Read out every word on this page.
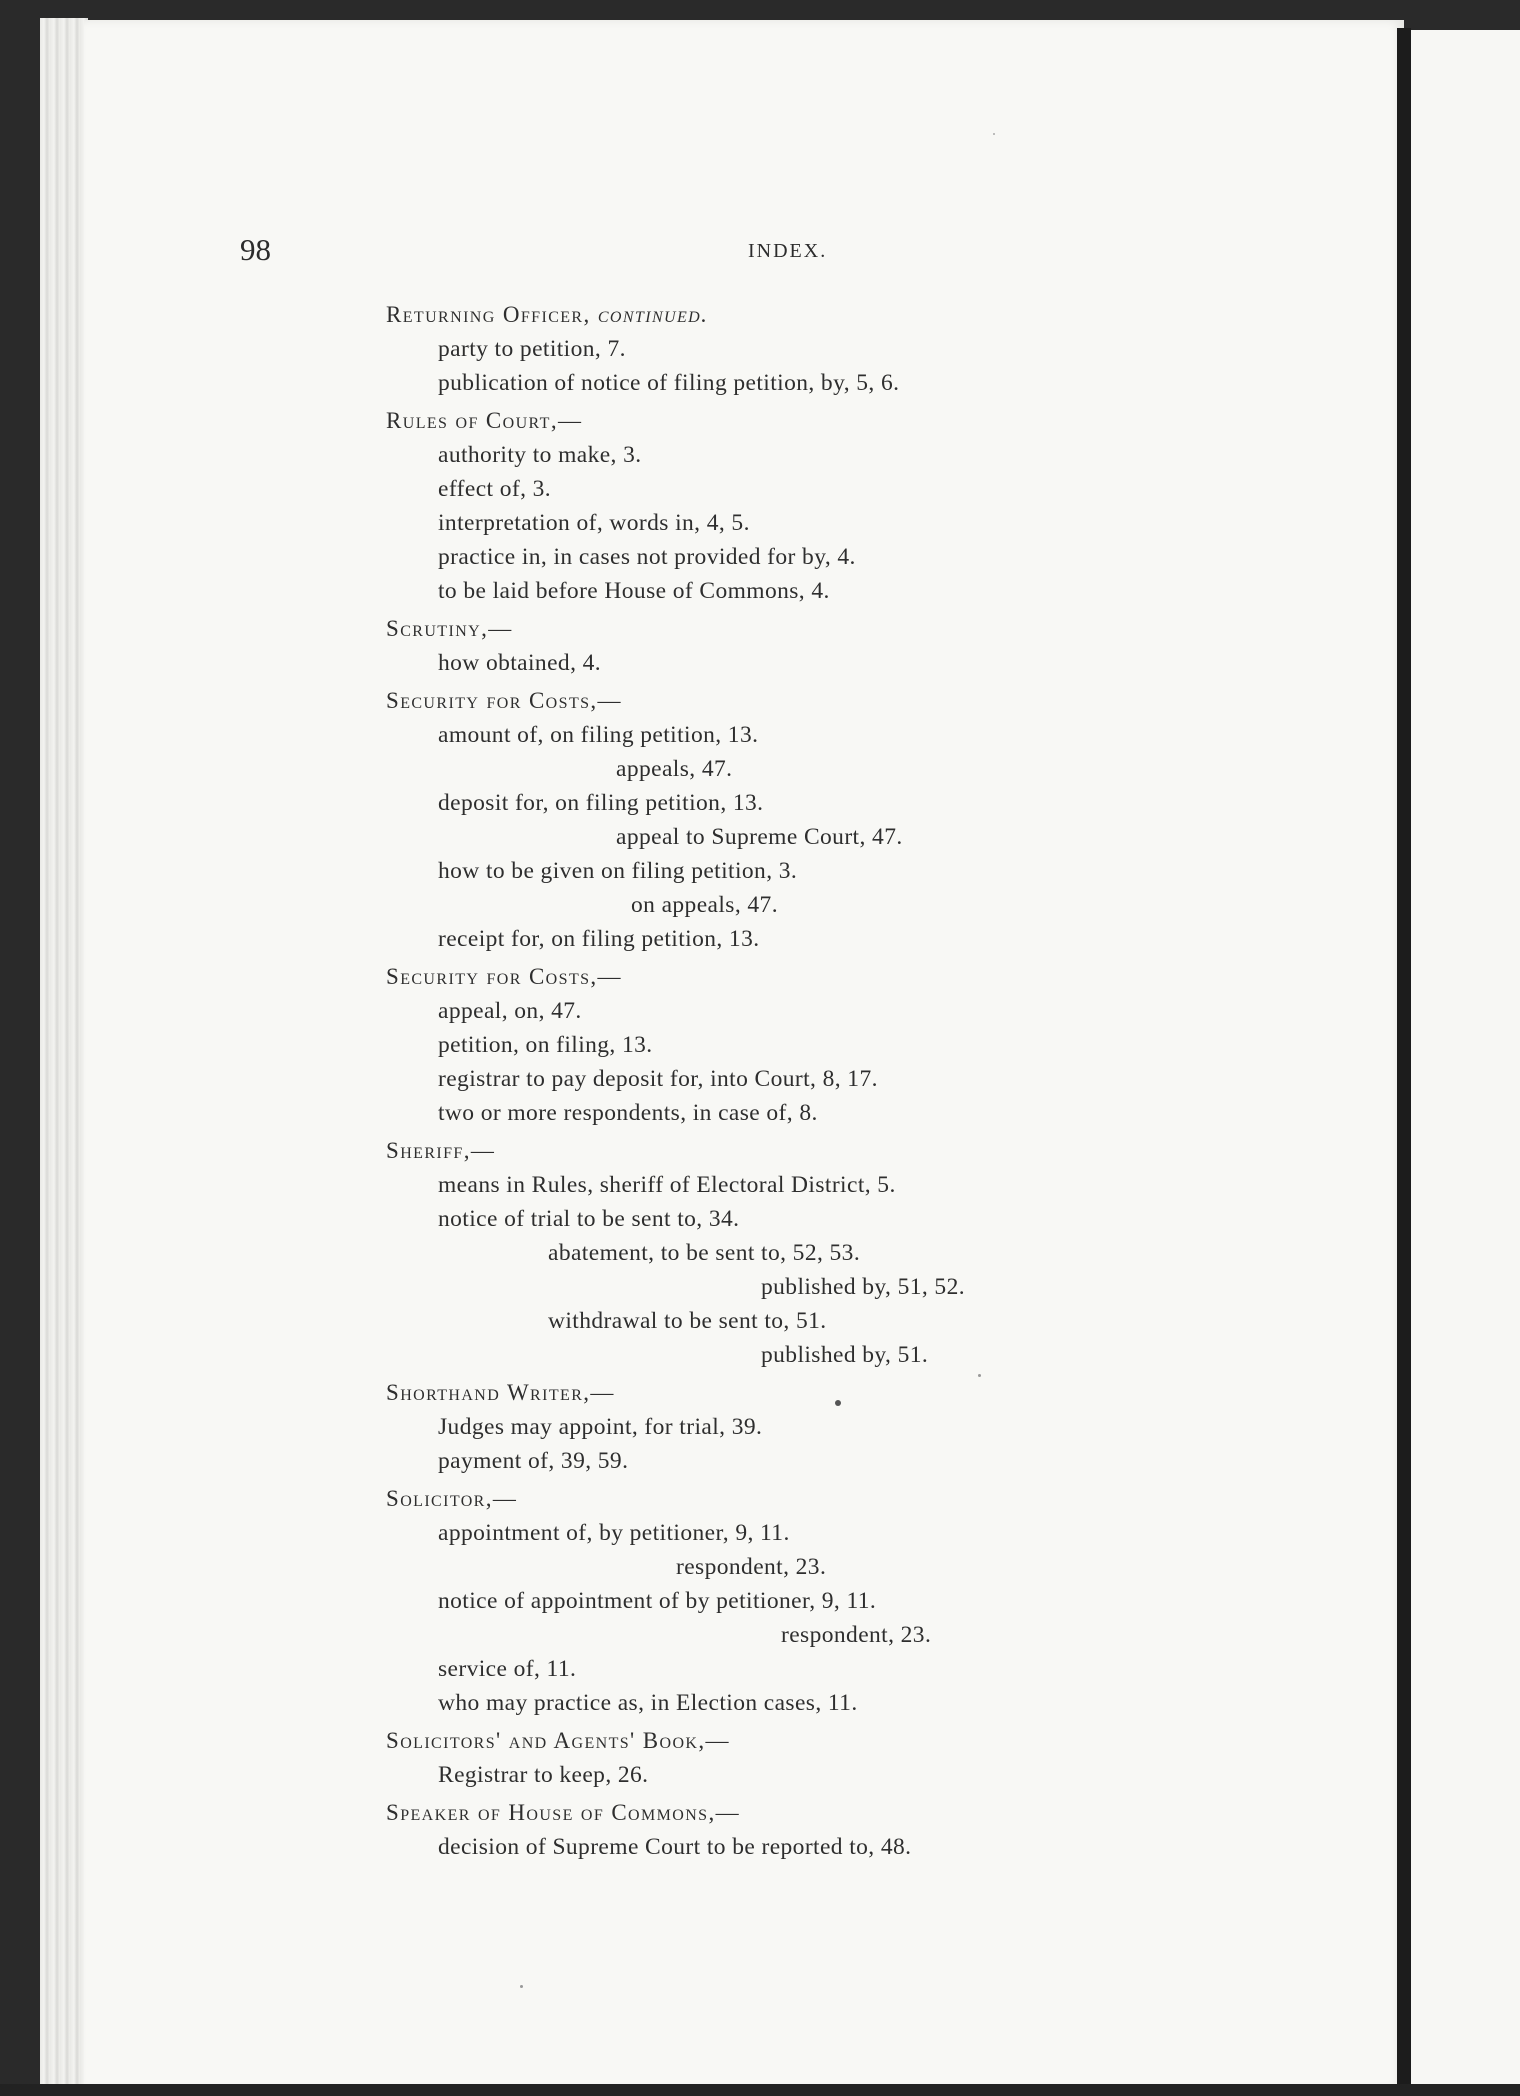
98	INDEX.
Returning Officer, continued.
party to petition, 7.
publication of notice of filing petition, by, 5, 6.
Rules of Court,—
authority to make, 3.
effect of, 3.
interpretation of, words in, 4, 5.
practice in, in cases not provided for by, 4.
to be laid before House of Commons, 4.
Scrutiny,—
how obtained, 4.
Security for Costs,—
amount of, on filing petition, 13.
appeals, 47.
deposit for, on filing petition, 13.
appeal to Supreme Court, 47.
how to be given on filing petition, 3.
on appeals, 47.
receipt for, on filing petition, 13.
Security for Costs,—
appeal, on, 47.
petition, on filing, 13.
registrar to pay deposit for, into Court, 8, 17.
two or more respondents, in case of, 8.
Sheriff,—
means in Rules, sheriff of Electoral District, 5.
notice of trial to be sent to, 34.
abatement, to be sent to, 52, 53.
published by, 51, 52.
withdrawal to be sent to, 51.
published by, 51.
Shorthand Writer,—
Judges may appoint, for trial, 39.
payment of, 39, 59.
Solicitor,—
appointment of, by petitioner, 9, 11.
respondent, 23.
notice of appointment of by petitioner, 9, 11.
respondent, 23.
service of, 11.
who may practice as, in Election cases, 11.
Solicitors' and Agents' Book,—
Registrar to keep, 26.
Speaker of House of Commons,—
decision of Supreme Court to be reported to, 48.
